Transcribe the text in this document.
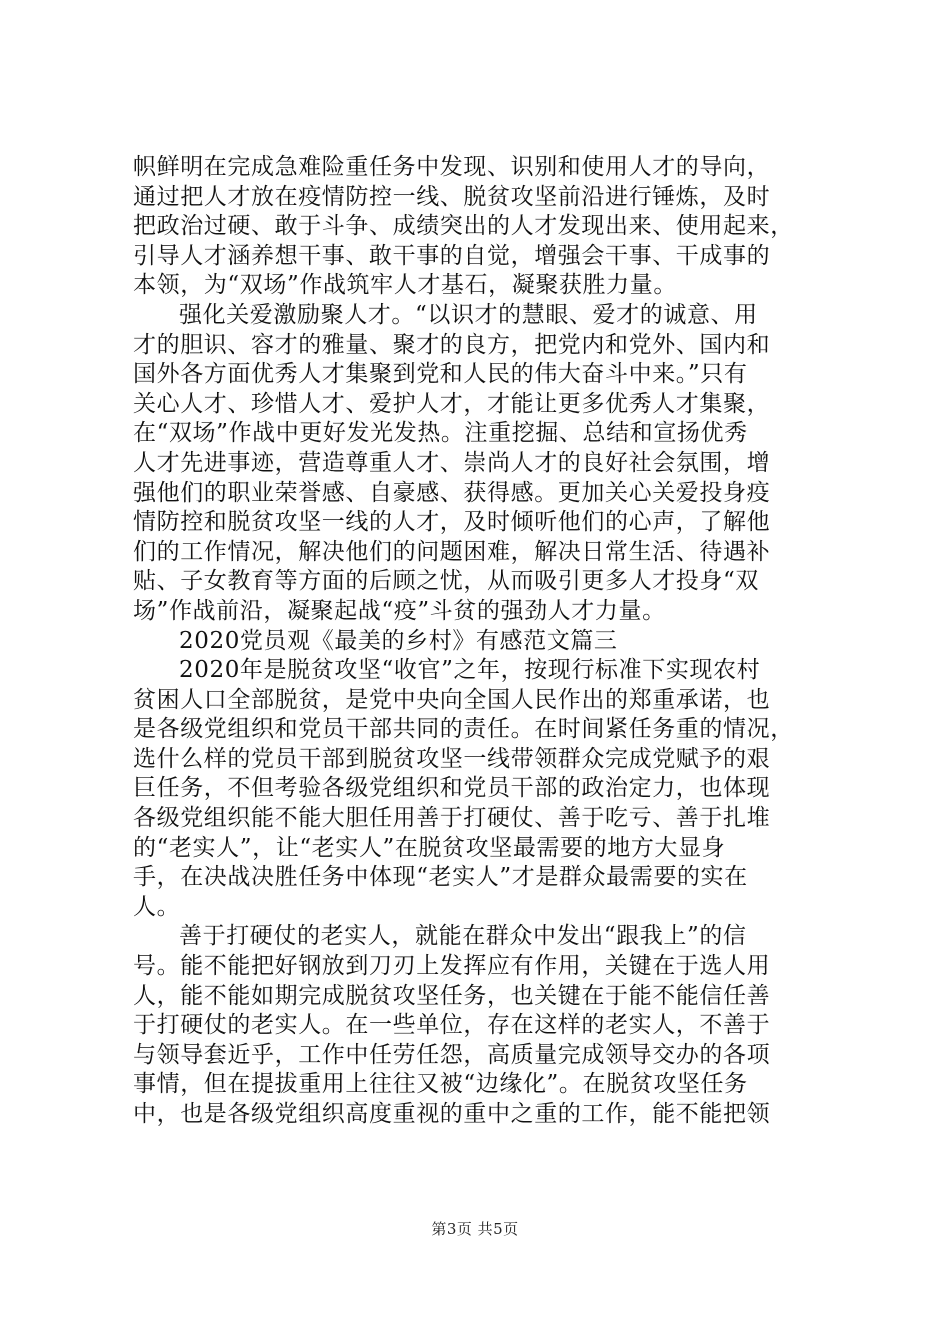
帜鲜明在完成急难险重任务中发现、识别和使用人才的导向，
通过把人才放在疫情防控一线、脱贫攻坚前沿进行锤炼，及时
把政治过硬、敢于斗争、成绩突出的人才发现出来、使用起来，
引导人才涵养想干事、敢干事的自觉，增强会干事、干成事的
本领，为“双场”作战筑牢人才基石，凝聚获胜力量。
强化关爱激励聚人才。“以识才的慧眼、爱才的诚意、用
才的胆识、容才的雅量、聚才的良方，把党内和党外、国内和
国外各方面优秀人才集聚到党和人民的伟大奋斗中来。”只有
关心人才、珍惜人才、爱护人才，才能让更多优秀人才集聚，
在“双场”作战中更好发光发热。注重挖掘、总结和宣扬优秀
人才先进事迹，营造尊重人才、崇尚人才的良好社会氛围，增
强他们的职业荣誉感、自豪感、获得感。更加关心关爱投身疫
情防控和脱贫攻坚一线的人才，及时倾听他们的心声，了解他
们的工作情况，解决他们的问题困难，解决日常生活、待遇补
贴、子女教育等方面的后顾之忧，从而吸引更多人才投身“双
场”作战前沿，凝聚起战“疫”斗贫的强劲人才力量。
2020党员观《最美的乡村》有感范文篇三
2020年是脱贫攻坚“收官”之年，按现行标准下实现农村
贫困人口全部脱贫，是党中央向全国人民作出的郑重承诺，也
是各级党组织和党员干部共同的责任。在时间紧任务重的情况，
选什么样的党员干部到脱贫攻坚一线带领群众完成党赋予的艰
巨任务，不但考验各级党组织和党员干部的政治定力，也体现
各级党组织能不能大胆任用善于打硬仗、善于吃亏、善于扎堆
的“老实人”，让“老实人”在脱贫攻坚最需要的地方大显身
手，在决战决胜任务中体现“老实人”才是群众最需要的实在
人。
善于打硬仗的老实人，就能在群众中发出“跟我上”的信
号。能不能把好钢放到刀刃上发挥应有作用，关键在于选人用
人，能不能如期完成脱贫攻坚任务，也关键在于能不能信任善
于打硬仗的老实人。在一些单位，存在这样的老实人，不善于
与领导套近乎，工作中任劳任怨，高质量完成领导交办的各项
事情，但在提拔重用上往往又被“边缘化”。在脱贫攻坚任务
中，也是各级党组织高度重视的重中之重的工作，能不能把领
第3页 共5页
